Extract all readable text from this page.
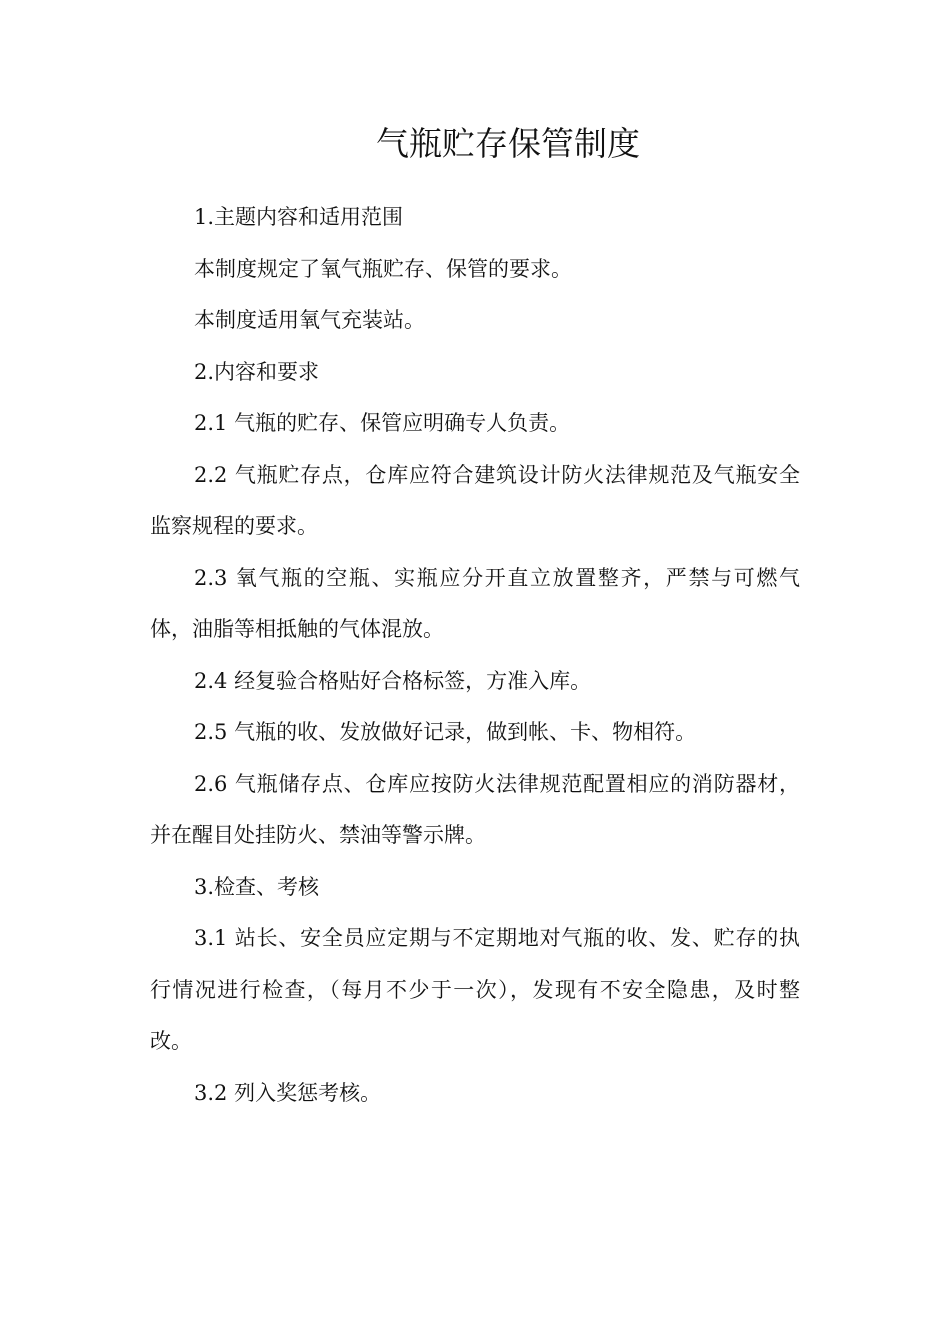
气瓶贮存保管制度

1.主题内容和适用范围

本制度规定了氧气瓶贮存、保管的要求。

本制度适用氧气充装站。

2.内容和要求

2.1 气瓶的贮存、保管应明确专人负责。

2.2 气瓶贮存点，仓库应符合建筑设计防火法律规范及气瓶安全监察规程的要求。

2.3 氧气瓶的空瓶、实瓶应分开直立放置整齐，严禁与可燃气体，油脂等相抵触的气体混放。

2.4 经复验合格贴好合格标签，方准入库。

2.5 气瓶的收、发放做好记录，做到帐、卡、物相符。

2.6 气瓶储存点、仓库应按防火法律规范配置相应的消防器材，并在醒目处挂防火、禁油等警示牌。

3.检查、考核

3.1 站长、安全员应定期与不定期地对气瓶的收、发、贮存的执行情况进行检查，（每月不少于一次），发现有不安全隐患，及时整改。

3.2 列入奖惩考核。
